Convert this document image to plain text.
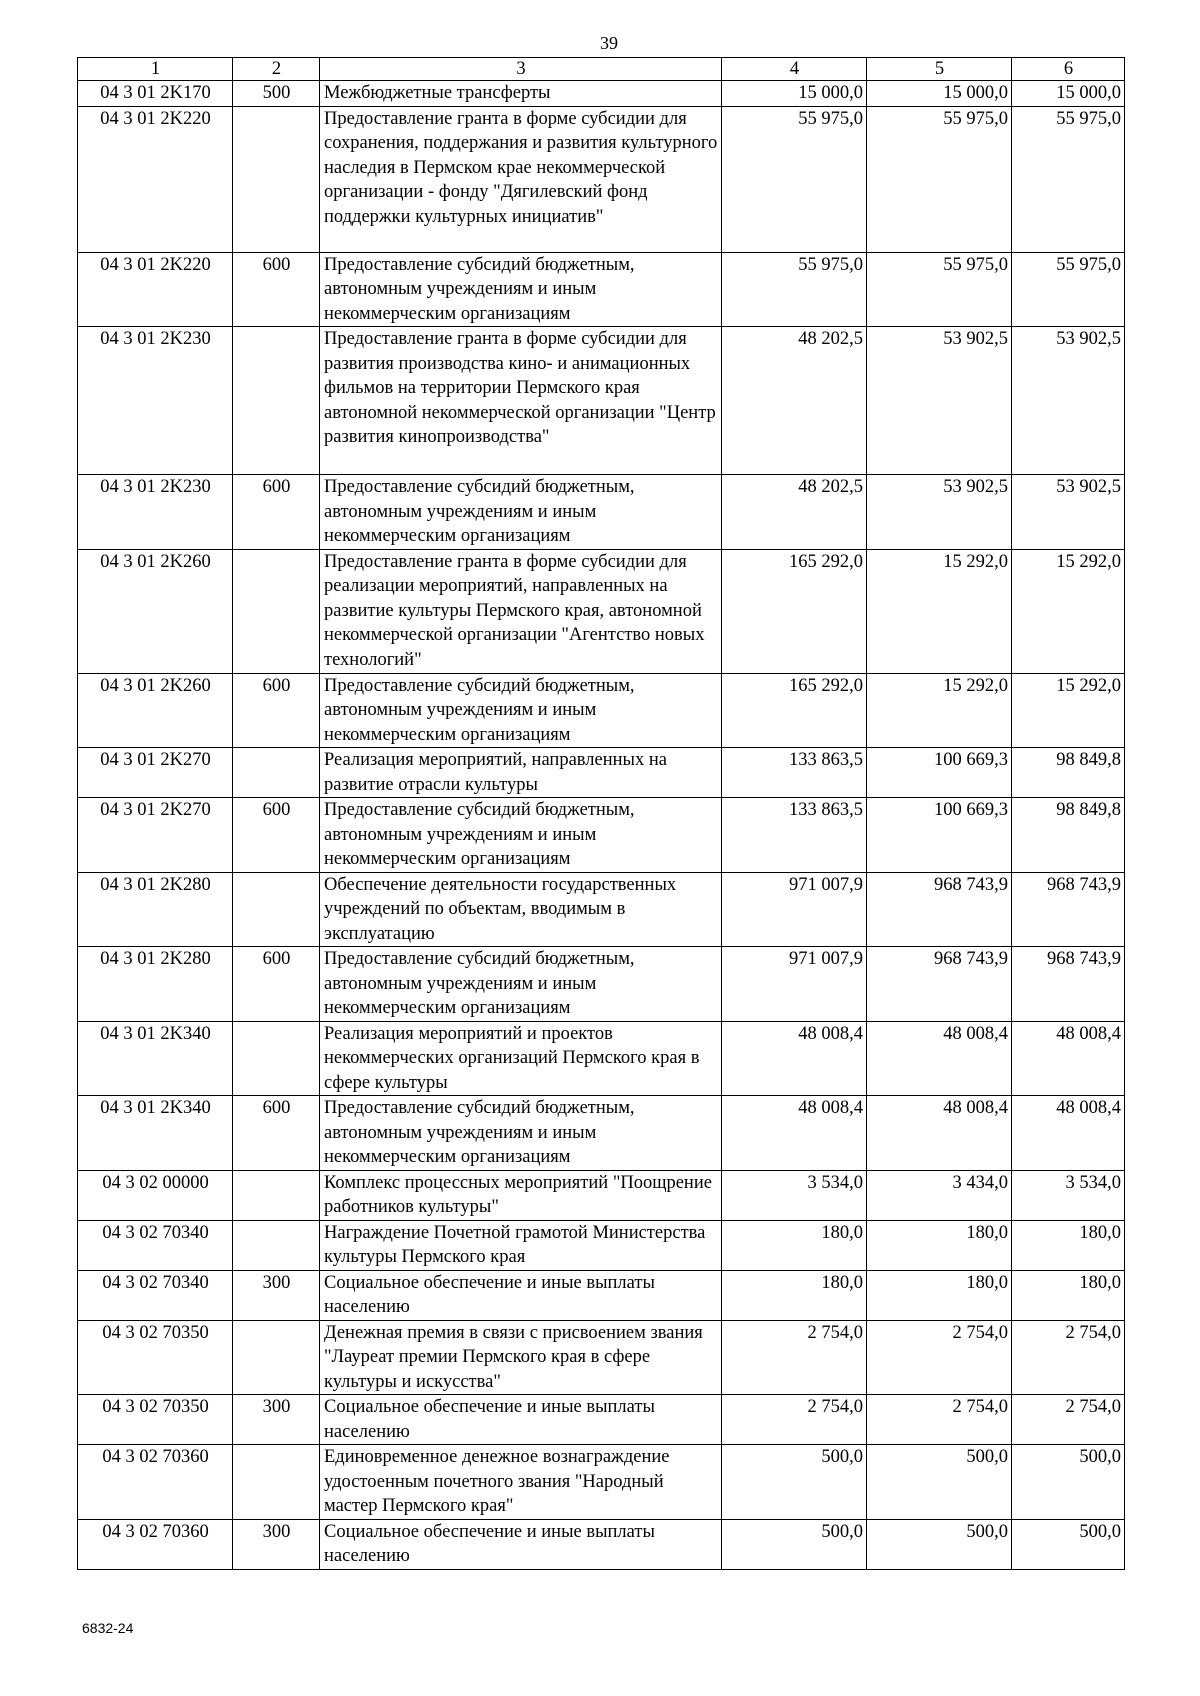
39
1	2	3	4	5	6
04 3 01 2K170	500	Межбюджетные трансферты	15 000,0	15 000,0	15 000,0
04 3 01 2K220		Предоставление гранта в форме субсидии для сохранения, поддержания и развития культурного наследия в Пермском крае некоммерческой организации - фонду "Дягилевский фонд поддержки культурных инициатив"	55 975,0	55 975,0	55 975,0
04 3 01 2K220	600	Предоставление субсидий бюджетным, автономным учреждениям и иным некоммерческим организациям	55 975,0	55 975,0	55 975,0
04 3 01 2K230		Предоставление гранта в форме субсидии для развития производства кино- и анимационных фильмов на территории Пермского края автономной некоммерческой организации "Центр развития кинопроизводства"	48 202,5	53 902,5	53 902,5
04 3 01 2K230	600	Предоставление субсидий бюджетным, автономным учреждениям и иным некоммерческим организациям	48 202,5	53 902,5	53 902,5
04 3 01 2K260		Предоставление гранта в форме субсидии для реализации мероприятий, направленных на развитие культуры Пермского края, автономной некоммерческой организации "Агентство новых технологий"	165 292,0	15 292,0	15 292,0
04 3 01 2K260	600	Предоставление субсидий бюджетным, автономным учреждениям и иным некоммерческим организациям	165 292,0	15 292,0	15 292,0
04 3 01 2K270		Реализация мероприятий, направленных на развитие отрасли культуры	133 863,5	100 669,3	98 849,8
04 3 01 2K270	600	Предоставление субсидий бюджетным, автономным учреждениям и иным некоммерческим организациям	133 863,5	100 669,3	98 849,8
04 3 01 2K280		Обеспечение деятельности государственных учреждений по объектам, вводимым в эксплуатацию	971 007,9	968 743,9	968 743,9
04 3 01 2K280	600	Предоставление субсидий бюджетным, автономным учреждениям и иным некоммерческим организациям	971 007,9	968 743,9	968 743,9
04 3 01 2K340		Реализация мероприятий и проектов некоммерческих организаций Пермского края в сфере культуры	48 008,4	48 008,4	48 008,4
04 3 01 2K340	600	Предоставление субсидий бюджетным, автономным учреждениям и иным некоммерческим организациям	48 008,4	48 008,4	48 008,4
04 3 02 00000		Комплекс процессных мероприятий "Поощрение работников культуры"	3 534,0	3 434,0	3 534,0
04 3 02 70340		Награждение Почетной грамотой Министерства культуры Пермского края	180,0	180,0	180,0
04 3 02 70340	300	Социальное обеспечение и иные выплаты населению	180,0	180,0	180,0
04 3 02 70350		Денежная премия в связи с присвоением звания "Лауреат премии Пермского края в сфере культуры и искусства"	2 754,0	2 754,0	2 754,0
04 3 02 70350	300	Социальное обеспечение и иные выплаты населению	2 754,0	2 754,0	2 754,0
04 3 02 70360		Единовременное денежное вознаграждение удостоенным почетного звания "Народный мастер Пермского края"	500,0	500,0	500,0
04 3 02 70360	300	Социальное обеспечение и иные выплаты населению	500,0	500,0	500,0
6832-24
